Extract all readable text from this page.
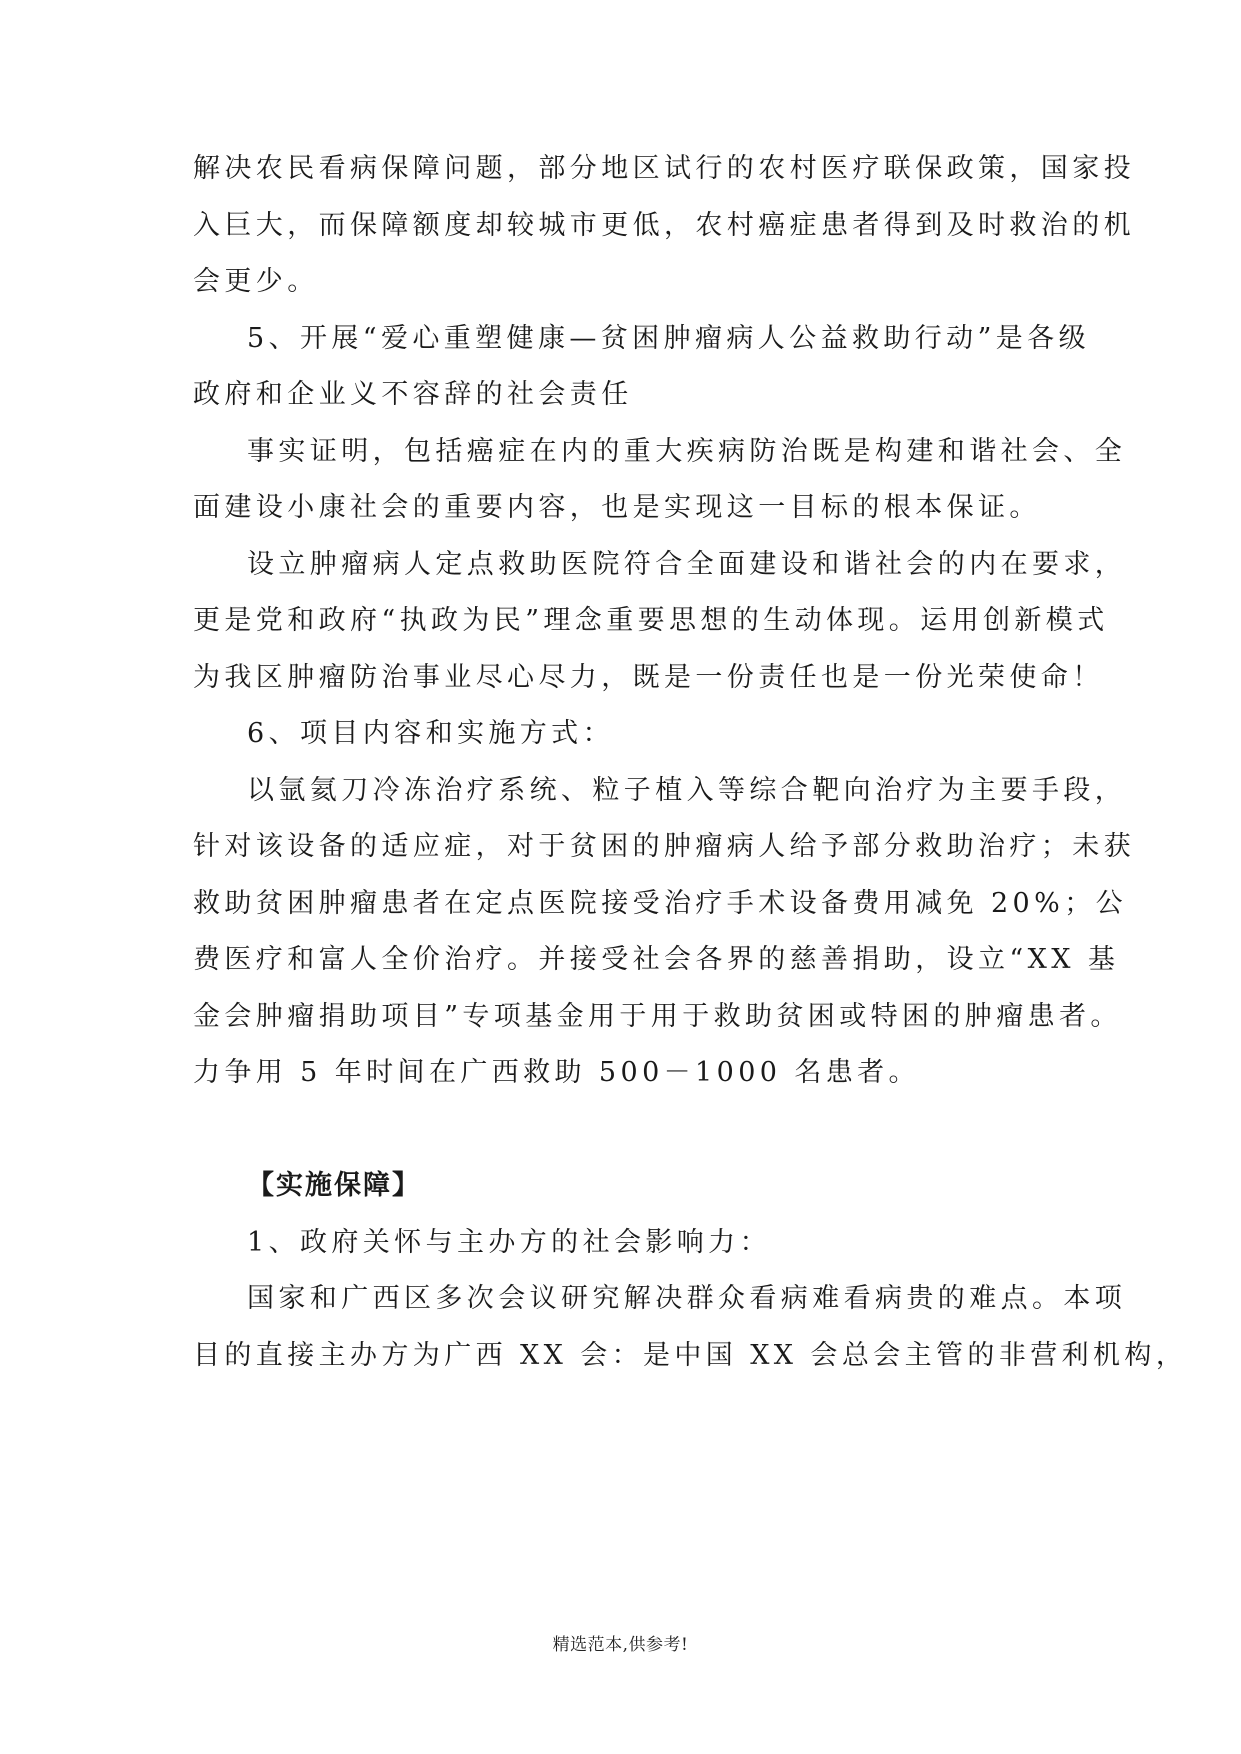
解决农民看病保障问题，部分地区试行的农村医疗联保政策，国家投
入巨大，而保障额度却较城市更低，农村癌症患者得到及时救治的机
会更少。
5、开展“爱心重塑健康—贫困肿瘤病人公益救助行动”是各级
政府和企业义不容辞的社会责任
事实证明，包括癌症在内的重大疾病防治既是构建和谐社会、全
面建设小康社会的重要内容，也是实现这一目标的根本保证。
设立肿瘤病人定点救助医院符合全面建设和谐社会的内在要求，
更是党和政府“执政为民”理念重要思想的生动体现。运用创新模式
为我区肿瘤防治事业尽心尽力，既是一份责任也是一份光荣使命！
6、项目内容和实施方式：
以氩氦刀冷冻治疗系统、粒子植入等综合靶向治疗为主要手段，
针对该设备的适应症，对于贫困的肿瘤病人给予部分救助治疗；未获
救助贫困肿瘤患者在定点医院接受治疗手术设备费用减免 20%；公
费医疗和富人全价治疗。并接受社会各界的慈善捐助，设立“XX 基
金会肿瘤捐助项目”专项基金用于用于救助贫困或特困的肿瘤患者。
力争用 5 年时间在广西救助 500－1000 名患者。
【实施保障】
1、政府关怀与主办方的社会影响力：
国家和广西区多次会议研究解决群众看病难看病贵的难点。本项
目的直接主办方为广西 XX 会：是中国 XX 会总会主管的非营利机构，
精选范本,供参考!
